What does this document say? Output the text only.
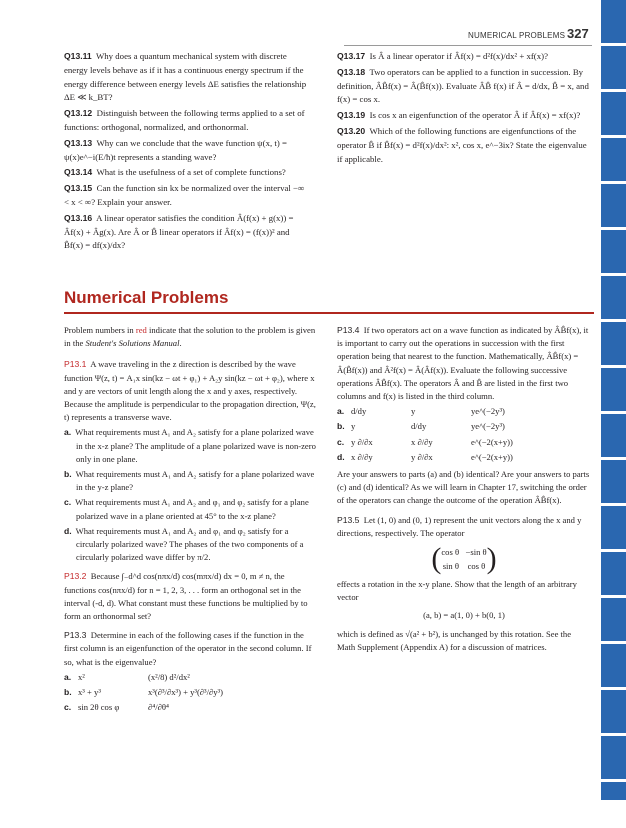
NUMERICAL PROBLEMS 327

Q13.11 Why does a quantum mechanical system with discrete energy levels behave as if it has a continuous energy spectrum if the energy difference between energy levels ΔE satisfies the relationship ΔE ≪ k_BT?

Q13.12 Distinguish between the following terms applied to a set of functions: orthogonal, normalized, and orthonormal.

Q13.13 Why can we conclude that the wave function ψ(x, t) = ψ(x)e^−i(E/ħ)t represents a standing wave?

Q13.14 What is the usefulness of a set of complete functions?

Q13.15 Can the function sin kx be normalized over the interval −∞ < x < ∞? Explain your answer.

Q13.16 A linear operator satisfies the condition Â(f(x) + g(x)) = Âf(x) + Âg(x). Are Â or B̂ linear operators if Âf(x) = (f(x))² and B̂f(x) = df(x)/dx?

Q13.17 Is Â a linear operator if Âf(x) = d²f(x)/dx² + xf(x)?

Q13.18 Two operators can be applied to a function in succession. By definition, ÂB̂f(x) = Â(B̂f(x)). Evaluate ÂB̂ f(x) if Â = d/dx, B̂ = x, and f(x) = cos x.

Q13.19 Is cos x an eigenfunction of the operator Â if Âf(x) = xf(x)?

Q13.20 Which of the following functions are eigenfunctions of the operator B̂ if B̂f(x) = d²f(x)/dx²: x², cos x, e^−3ix? State the eigenvalue if applicable.

Numerical Problems

Problem numbers in red indicate that the solution to the problem is given in the Student's Solutions Manual.

P13.1 A wave traveling in the z direction is described by the wave function Ψ(z, t) = A₁x sin(kz − ωt + φ₁) + A₂y sin(kz − ωt + φ₂), where x and y are vectors of unit length along the x and y axes, respectively. Because the amplitude is perpendicular to the propagation direction, Ψ(z, t) represents a transverse wave.

a. What requirements must A₁ and A₂ satisfy for a plane polarized wave in the x-z plane? The amplitude of a plane polarized wave is non-zero only in one plane.

b. What requirements must A₁ and A₂ satisfy for a plane polarized wave in the y-z plane?

c. What requirements must A₁ and A₂ and φ₁ and φ₂ satisfy for a plane polarized wave in a plane oriented at 45° to the x-z plane?

d. What requirements must A₁ and A₂ and φ₁ and φ₂ satisfy for a circularly polarized wave? The phases of the two components of a circularly polarized wave differ by π/2.

P13.2 Because ∫₋d^d cos(nπx/d) cos(mπx/d) dx = 0, m ≠ n, the functions cos(nπx/d) for n = 1, 2, 3, . . . form an orthogonal set in the interval (-d, d). What constant must these functions be multiplied by to form an orthonormal set?

P13.3 Determine in each of the following cases if the function in the first column is an eigenfunction of the operator in the second column. If so, what is the eigenvalue?

a. x²	(x²/8) d²/dx²
b. x³ + y³	x³(∂³/∂x³) + y³(∂³/∂y³)
c. sin 2θ cos φ	∂⁴/∂θ⁴

P13.4 If two operators act on a wave function as indicated by ÂB̂f(x), it is important to carry out the operations in succession with the first operation being that nearest to the function. Mathematically, ÂB̂f(x) = Â(B̂f(x)) and Â²f(x) = Â(Âf(x)). Evaluate the following successive operations ÂB̂f(x). The operators Â and B̂ are listed in the first two columns and f(x) is listed in the third column.

a. d/dy	y	ye^(−2y³)
b. y	d/dy	ye^(−2y³)
c. y ∂/∂x	x ∂/∂y	e^(−2(x+y))
d. x ∂/∂y	y ∂/∂x	e^(−2(x+y))

Are your answers to parts (a) and (b) identical? Are your answers to parts (c) and (d) identical? As we will learn in Chapter 17, switching the order of the operators can change the outcome of the operation ÂB̂f(x).

P13.5 Let (1, 0) and (0, 1) represent the unit vectors along the x and y directions, respectively. The operator

(cos θ   −sin θ
sin θ    cos θ)

effects a rotation in the x-y plane. Show that the length of an arbitrary vector

(a, b) = a(1, 0) + b(0, 1)

which is defined as √(a² + b²), is unchanged by this rotation. See the Math Supplement (Appendix A) for a discussion of matrices.
